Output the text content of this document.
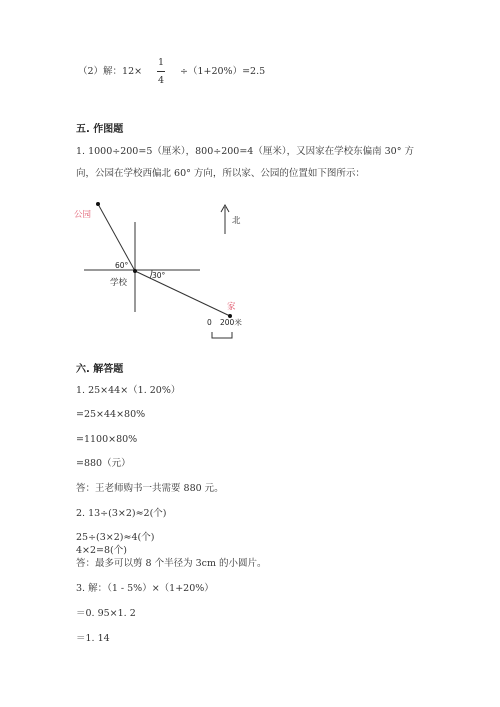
（2）解：12×
1
4
÷（1+20%）=2.5
五. 作图题
1. 1000÷200=5（厘米），800÷200=4（厘米），又因家在学校东偏南 30° 方
向，公园在学校西偏北 60° 方向，所以家、公园的位置如下图所示：
公园
学校
家
北
60°
30°
0 200米
六. 解答题
1. 25×44×（1. 20%）
=25×44×80%
=1100×80%
=880（元）
答：王老师购书一共需要 880 元。
2. 13÷(3×2)≈2(个)
25÷(3×2)≈4(个)
4×2=8(个)
答：最多可以剪 8 个半径为 3cm 的小圆片。
3. 解：（1 - 5%）×（1+20%）
＝0. 95×1. 2
＝1. 14
